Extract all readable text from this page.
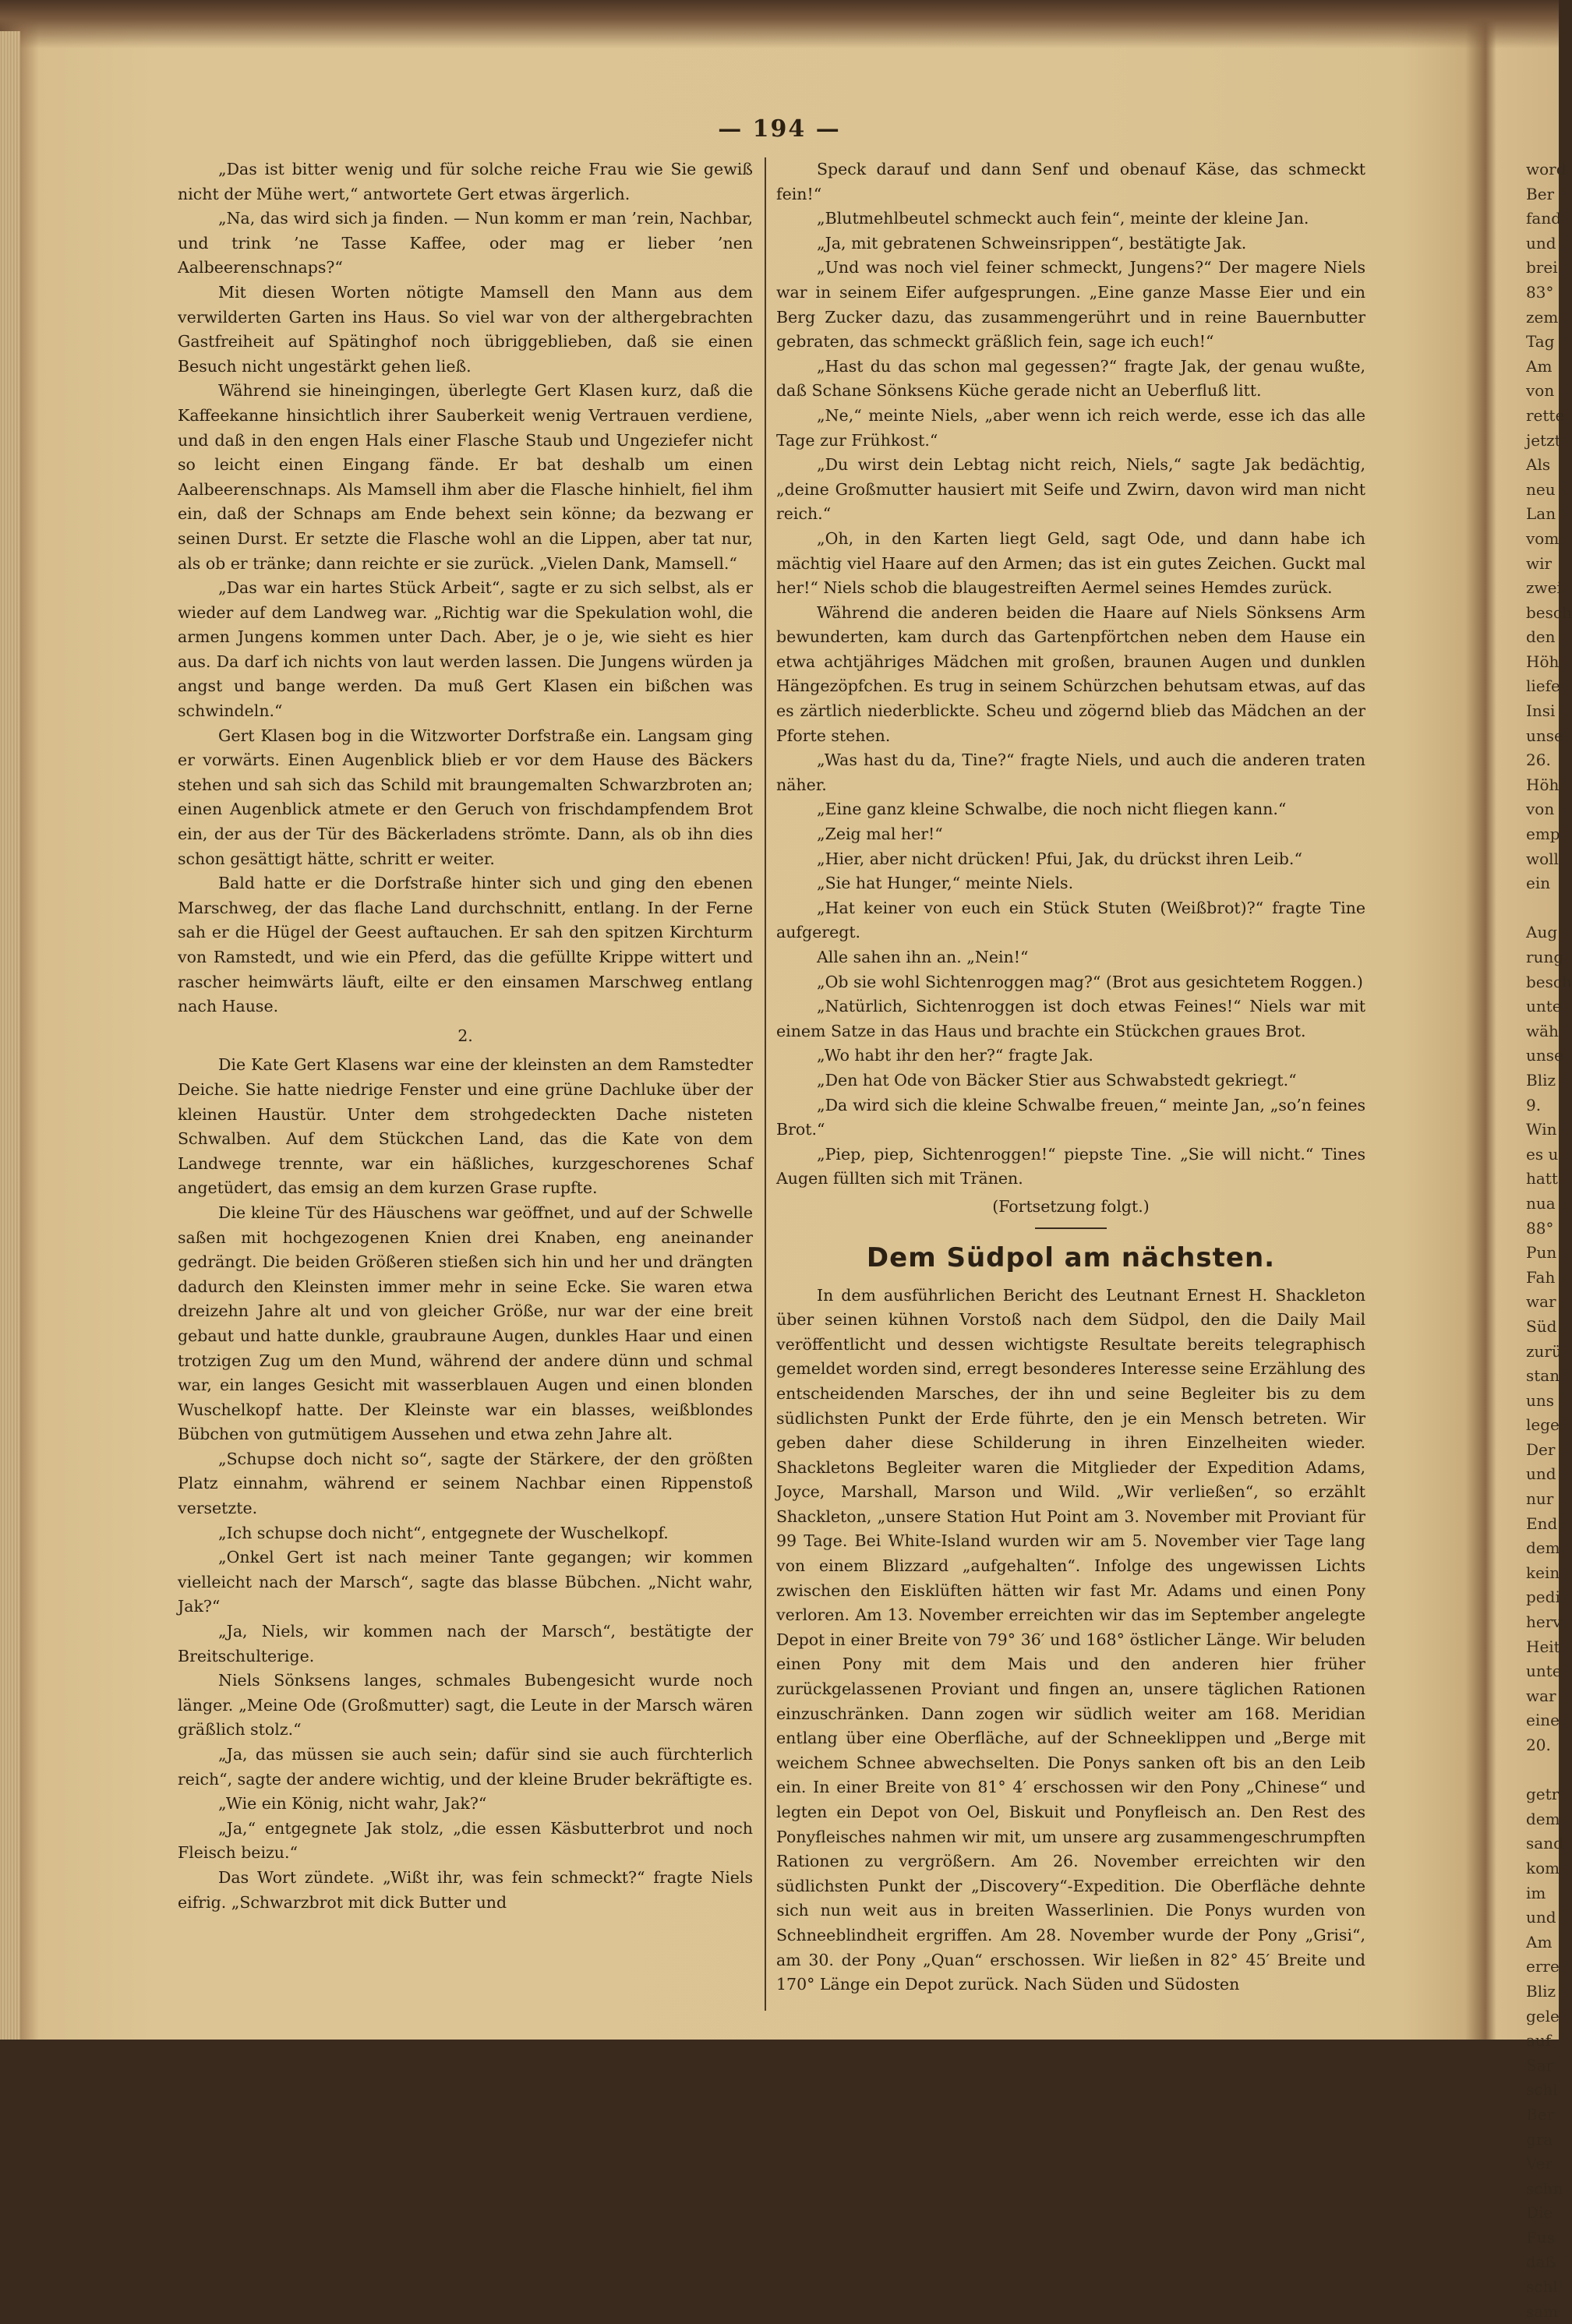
— 194 —

„Das ist bitter wenig und für solche reiche Frau wie Sie gewiß nicht der Mühe wert,“ antwortete Gert etwas ärgerlich.

„Na, das wird sich ja finden. — Nun komm er man ’rein, Nachbar, und trink ’ne Tasse Kaffee, oder mag er lieber ’nen Aalbeerenschnaps?“

Mit diesen Worten nötigte Mamsell den Mann aus dem verwilderten Garten ins Haus. So viel war von der althergebrachten Gastfreiheit auf Spätinghof noch übriggeblieben, daß sie einen Besuch nicht ungestärkt gehen ließ.

Während sie hineingingen, überlegte Gert Klasen kurz, daß die Kaffeekanne hinsichtlich ihrer Sauberkeit wenig Vertrauen verdiene, und daß in den engen Hals einer Flasche Staub und Ungeziefer nicht so leicht einen Eingang fände. Er bat deshalb um einen Aalbeerenschnaps. Als Mamsell ihm aber die Flasche hinhielt, fiel ihm ein, daß der Schnaps am Ende behext sein könne; da bezwang er seinen Durst. Er setzte die Flasche wohl an die Lippen, aber tat nur, als ob er tränke; dann reichte er sie zurück. „Vielen Dank, Mamsell.“

„Das war ein hartes Stück Arbeit“, sagte er zu sich selbst, als er wieder auf dem Landweg war. „Richtig war die Spekulation wohl, die armen Jungens kommen unter Dach. Aber, je o je, wie sieht es hier aus. Da darf ich nichts von laut werden lassen. Die Jungens würden ja angst und bange werden. Da muß Gert Klasen ein bißchen was schwindeln.“

Gert Klasen bog in die Witzworter Dorfstraße ein. Langsam ging er vorwärts. Einen Augenblick blieb er vor dem Hause des Bäckers stehen und sah sich das Schild mit braungemalten Schwarzbroten an; einen Augenblick atmete er den Geruch von frischdampfendem Brot ein, der aus der Tür des Bäckerladens strömte. Dann, als ob ihn dies schon gesättigt hätte, schritt er weiter.

Bald hatte er die Dorfstraße hinter sich und ging den ebenen Marschweg, der das flache Land durchschnitt, entlang. In der Ferne sah er die Hügel der Geest auftauchen. Er sah den spitzen Kirchturm von Ramstedt, und wie ein Pferd, das die gefüllte Krippe wittert und rascher heimwärts läuft, eilte er den einsamen Marschweg entlang nach Hause.

2.

Die Kate Gert Klasens war eine der kleinsten an dem Ramstedter Deiche. Sie hatte niedrige Fenster und eine grüne Dachluke über der kleinen Haustür. Unter dem strohgedeckten Dache nisteten Schwalben. Auf dem Stückchen Land, das die Kate von dem Landwege trennte, war ein häßliches, kurzgeschorenes Schaf angetüdert, das emsig an dem kurzen Grase rupfte.

Die kleine Tür des Häuschens war geöffnet, und auf der Schwelle saßen mit hochgezogenen Knien drei Knaben, eng aneinander gedrängt. Die beiden Größeren stießen sich hin und her und drängten dadurch den Kleinsten immer mehr in seine Ecke. Sie waren etwa dreizehn Jahre alt und von gleicher Größe, nur war der eine breit gebaut und hatte dunkle, graubraune Augen, dunkles Haar und einen trotzigen Zug um den Mund, während der andere dünn und schmal war, ein langes Gesicht mit wasserblauen Augen und einen blonden Wuschelkopf hatte. Der Kleinste war ein blasses, weißblondes Bübchen von gutmütigem Aussehen und etwa zehn Jahre alt.

„Schupse doch nicht so“, sagte der Stärkere, der den größten Platz einnahm, während er seinem Nachbar einen Rippenstoß versetzte.

„Ich schupse doch nicht“, entgegnete der Wuschelkopf.

„Onkel Gert ist nach meiner Tante gegangen; wir kommen vielleicht nach der Marsch“, sagte das blasse Bübchen. „Nicht wahr, Jak?“

„Ja, Niels, wir kommen nach der Marsch“, bestätigte der Breitschulterige.

Niels Sönksens langes, schmales Bubengesicht wurde noch länger. „Meine Ode (Großmutter) sagt, die Leute in der Marsch wären gräßlich stolz.“

„Ja, das müssen sie auch sein; dafür sind sie auch fürchterlich reich“, sagte der andere wichtig, und der kleine Bruder bekräftigte es.

„Wie ein König, nicht wahr, Jak?“

„Ja,“ entgegnete Jak stolz, „die essen Käsbutterbrot und noch Fleisch beizu.“

Das Wort zündete. „Wißt ihr, was fein schmeckt?“ fragte Niels eifrig. „Schwarzbrot mit dick Butter und

Speck darauf und dann Senf und obenauf Käse, das schmeckt fein!“

„Blutmehlbeutel schmeckt auch fein“, meinte der kleine Jan.

„Ja, mit gebratenen Schweinsrippen“, bestätigte Jak.

„Und was noch viel feiner schmeckt, Jungens?“ Der magere Niels war in seinem Eifer aufgesprungen. „Eine ganze Masse Eier und ein Berg Zucker dazu, das zusammengerührt und in reine Bauernbutter gebraten, das schmeckt gräßlich fein, sage ich euch!“

„Hast du das schon mal gegessen?“ fragte Jak, der genau wußte, daß Schane Sönksens Küche gerade nicht an Ueberfluß litt.

„Ne,“ meinte Niels, „aber wenn ich reich werde, esse ich das alle Tage zur Frühkost.“

„Du wirst dein Lebtag nicht reich, Niels,“ sagte Jak bedächtig, „deine Großmutter hausiert mit Seife und Zwirn, davon wird man nicht reich.“

„Oh, in den Karten liegt Geld, sagt Ode, und dann habe ich mächtig viel Haare auf den Armen; das ist ein gutes Zeichen. Guckt mal her!“ Niels schob die blaugestreiften Aermel seines Hemdes zurück.

Während die anderen beiden die Haare auf Niels Sönksens Arm bewunderten, kam durch das Gartenpförtchen neben dem Hause ein etwa achtjähriges Mädchen mit großen, braunen Augen und dunklen Hängezöpfchen. Es trug in seinem Schürzchen behutsam etwas, auf das es zärtlich niederblickte. Scheu und zögernd blieb das Mädchen an der Pforte stehen.

„Was hast du da, Tine?“ fragte Niels, und auch die anderen traten näher.

„Eine ganz kleine Schwalbe, die noch nicht fliegen kann.“

„Zeig mal her!“

„Hier, aber nicht drücken! Pfui, Jak, du drückst ihren Leib.“

„Sie hat Hunger,“ meinte Niels.

„Hat keiner von euch ein Stück Stuten (Weißbrot)?“ fragte Tine aufgeregt.

Alle sahen ihn an. „Nein!“

„Ob sie wohl Sichtenroggen mag?“ (Brot aus gesichtetem Roggen.)

„Natürlich, Sichtenroggen ist doch etwas Feines!“ Niels war mit einem Satze in das Haus und brachte ein Stückchen graues Brot.

„Wo habt ihr den her?“ fragte Jak.

„Den hat Ode von Bäcker Stier aus Schwabstedt gekriegt.“

„Da wird sich die kleine Schwalbe freuen,“ meinte Jan, „so’n feines Brot.“

„Piep, piep, Sichtenroggen!“ piepste Tine. „Sie will nicht.“ Tines Augen füllten sich mit Tränen.

(Fortsetzung folgt.)

Dem Südpol am nächsten.

In dem ausführlichen Bericht des Leutnant Ernest H. Shackleton über seinen kühnen Vorstoß nach dem Südpol, den die Daily Mail veröffentlicht und dessen wichtigste Resultate bereits telegraphisch gemeldet worden sind, erregt besonderes Interesse seine Erzählung des entscheidenden Marsches, der ihn und seine Begleiter bis zu dem südlichsten Punkt der Erde führte, den je ein Mensch betreten. Wir geben daher diese Schilderung in ihren Einzelheiten wieder. Shackletons Begleiter waren die Mitglieder der Expedition Adams, Joyce, Marshall, Marson und Wild. „Wir verließen“, so erzählt Shackleton, „unsere Station Hut Point am 3. November mit Proviant für 99 Tage. Bei White-Island wurden wir am 5. November vier Tage lang von einem Blizzard „aufgehalten“. Infolge des ungewissen Lichts zwischen den Eisklüften hätten wir fast Mr. Adams und einen Pony verloren. Am 13. November erreichten wir das im September angelegte Depot in einer Breite von 79° 36′ und 168° östlicher Länge. Wir beluden einen Pony mit dem Mais und den anderen hier früher zurückgelassenen Proviant und fingen an, unsere täglichen Rationen einzuschränken. Dann zogen wir südlich weiter am 168. Meridian entlang über eine Oberfläche, auf der Schneeklippen und „Berge mit weichem Schnee abwechselten. Die Ponys sanken oft bis an den Leib ein. In einer Breite von 81° 4′ erschossen wir den Pony „Chinese“ und legten ein Depot von Oel, Biskuit und Ponyfleisch an. Den Rest des Ponyfleisches nahmen wir mit, um unsere arg zusammengeschrumpften Rationen zu vergrößern. Am 26. November erreichten wir den südlichsten Punkt der „Discovery“-Expedition. Die Oberfläche dehnte sich nun weit aus in breiten Wasserlinien. Die Ponys wurden von Schneeblindheit ergriffen. Am 28. November wurde der Pony „Grisi“, am 30. der Pony „Quan“ erschossen. Wir ließen in 82° 45′ Breite und 170° Länge ein Depot zurück. Nach Süden und Südosten

word
Ber
fand
und
brei
83°
zem
Tag
Am
von
rette
jetzt
Als
neu
Lan
vom
wir
zwei
besch
den
Höh
liefe
Insi
unse
26.
Höh
von
emp
woll
ein
Aug
rung
besch
unte
wäh
unse
Bliz
9.
Win
es u
hatt
nua
88°
Pun
Fah
war
Süd
zurü
stan
uns
lege
Der
und
nur
End
dem
kein
pedi
herv
Heit
unte
war
eine
20.
getr
dem
sand
kom
im
und
Am
erre
Bliz
gele
auf
Sar
schl
Ber
gra
Ver
schn
Die
Fus
daß
schl
sam
